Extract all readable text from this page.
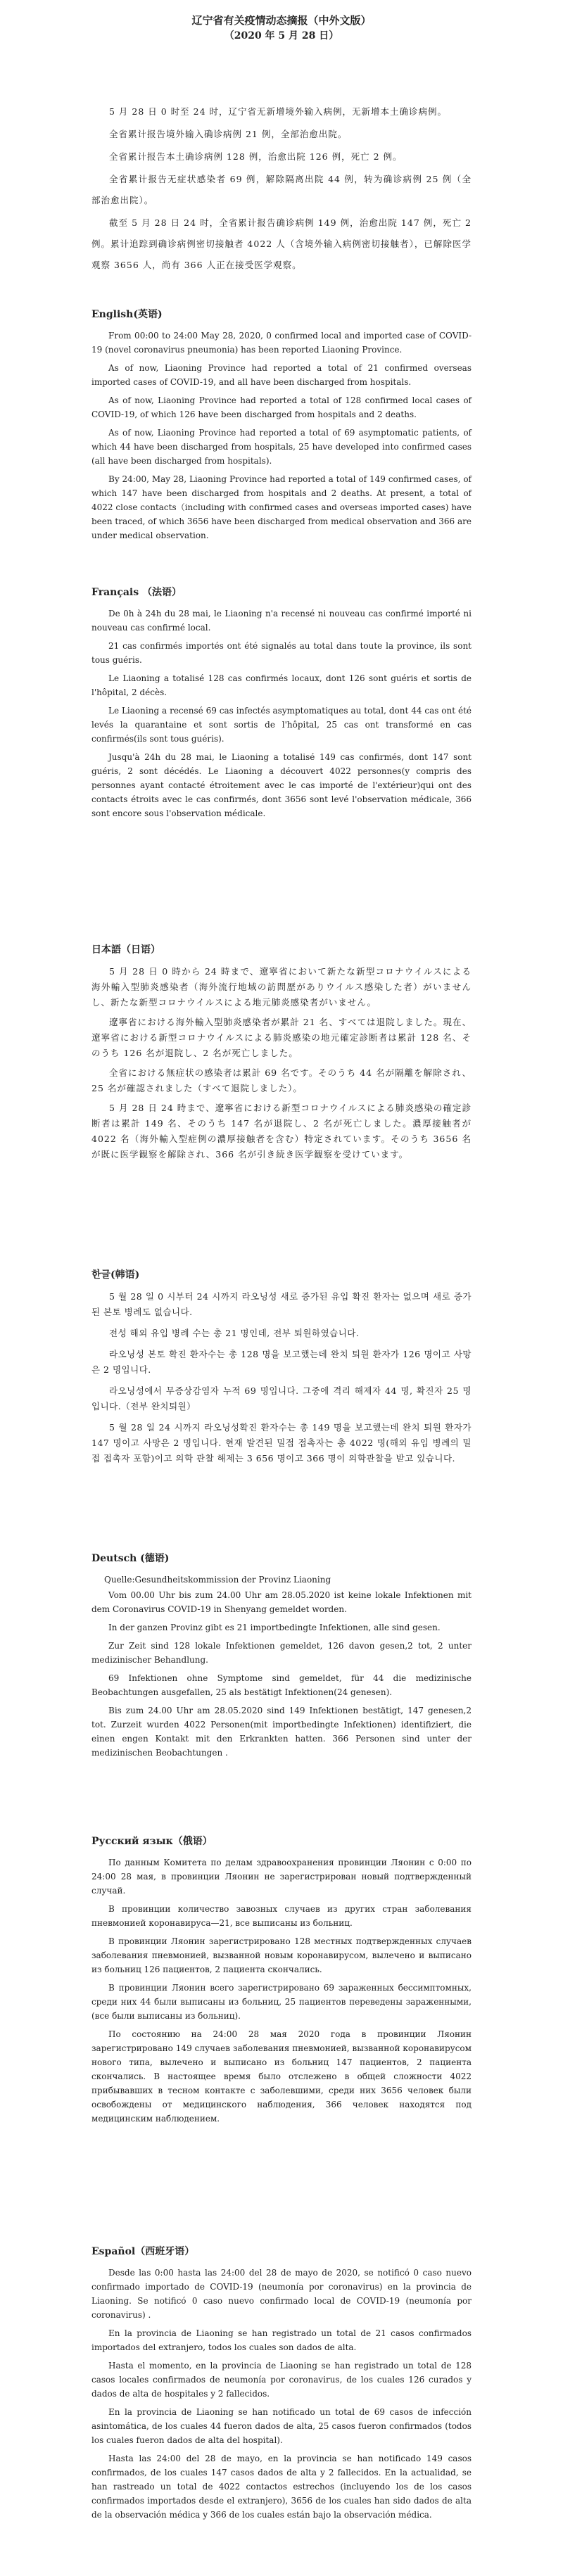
辽宁省有关疫情动态摘报（中外文版）

（2020 年 5 月 28 日）

5 月 28 日 0 时至 24 时，辽宁省无新增境外输入病例，无新增本土确诊病例。

全省累计报告境外输入确诊病例 21 例，全部治愈出院。

全省累计报告本土确诊病例 128 例，治愈出院 126 例，死亡 2 例。

全省累计报告无症状感染者 69 例，解除隔离出院 44 例，转为确诊病例 25 例（全部治愈出院）。

截至 5 月 28 日 24 时，全省累计报告确诊病例 149 例，治愈出院 147 例，死亡 2 例。累计追踪到确诊病例密切接触者 4022 人（含境外输入病例密切接触者），已解除医学观察 3656 人，尚有 366 人正在接受医学观察。

English(英语)

From 00:00 to 24:00 May 28, 2020, 0 confirmed local and imported case of COVID-19 (novel coronavirus pneumonia) has been reported Liaoning Province.

As of now, Liaoning Province had reported a total of 21 confirmed overseas imported cases of COVID-19, and all have been discharged from hospitals.

As of now, Liaoning Province had reported a total of 128 confirmed local cases of COVID-19, of which 126 have been discharged from hospitals and 2 deaths.

As of now, Liaoning Province had reported a total of 69 asymptomatic patients, of which 44 have been discharged from hospitals, 25 have developed into confirmed cases (all have been discharged from hospitals).

By 24:00, May 28, Liaoning Province had reported a total of 149 confirmed cases, of which 147 have been discharged from hospitals and 2 deaths. At present, a total of 4022 close contacts（including with confirmed cases and overseas imported cases) have been traced, of which 3656 have been discharged from medical observation and 366 are under medical observation.

Français （法语）

De 0h à 24h du 28 mai, le Liaoning n'a recensé ni nouveau cas confirmé importé ni nouveau cas confirmé local.

21 cas confirmés importés ont été signalés au total dans toute la province, ils sont tous guéris.

Le Liaoning a totalisé 128 cas confirmés locaux, dont 126 sont guéris et sortis de l'hôpital, 2 décès.

Le Liaoning a recensé 69 cas infectés asymptomatiques au total, dont 44 cas ont été levés la quarantaine et sont sortis de l'hôpital, 25 cas ont transformé en cas confirmés(ils sont tous guéris).

Jusqu'à 24h du 28 mai, le Liaoning a totalisé 149 cas confirmés, dont 147 sont guéris, 2 sont décédés. Le Liaoning a découvert 4022 personnes(y compris des personnes ayant contacté étroitement avec le cas importé de l'extérieur)qui ont des contacts étroits avec le cas confirmés, dont 3656 sont levé l'observation médicale, 366 sont encore sous l'observation médicale.

日本語（日语）

5 月 28 日 0 時から 24 時まで、遼寧省において新たな新型コロナウイルスによる海外輸入型肺炎感染者（海外流行地域の訪問歴がありウイルス感染した者）がいませんし、新たな新型コロナウイルスによる地元肺炎感染者がいません。

遼寧省における海外輸入型肺炎感染者が累計 21 名、すべては退院しました。現在、遼寧省における新型コロナウイルスによる肺炎感染の地元確定診断者は累計 128 名、そのうち 126 名が退院し、2 名が死亡しました。

全省における無症状の感染者は累計 69 名です。そのうち 44 名が隔離を解除され、25 名が確認されました（すべて退院しました）。

5 月 28 日 24 時まで、遼寧省における新型コロナウイルスによる肺炎感染の確定診断者は累計 149 名、そのうち 147 名が退院し、2 名が死亡しました。濃厚接触者が 4022 名（海外輸入型症例の濃厚接触者を含む）特定されています。そのうち 3656 名が既に医学観察を解除され、366 名が引き続き医学観察を受けています。

한글(韩语)

5 월 28 일 0 시부터 24 시까지 라오닝성 새로 증가된 유입 확진 환자는 없으며 새로 증가된 본토 병례도 없습니다.

전성 해외 유입 병례 수는 총 21 명인데, 전부 퇴원하였습니다.

라오닝성 본토 확진 환자수는 총 128 명을 보고했는데 완치 퇴원 환자가 126 명이고 사망은 2 명입니다.

라오닝성에서 무증상감염자 누적 69 명입니다. 그중에 격리 해제자 44 명, 확진자 25 명입니다.（전부 완치퇴원）

5 월 28 일 24 시까지 라오닝성확진 환자수는 총 149 명을 보고했는데 완치 퇴원 환자가 147 명이고 사망은 2 명입니다. 현재 발견된 밀접 접촉자는 총 4022 명(해외 유입 병례의 밀접 접촉자 포함)이고 의학 관찰 해제는 3 656 명이고 366 명이 의학관찰을 받고 있습니다.

Deutsch (德语)

Quelle:Gesundheitskommission der Provinz Liaoning

Vom 00.00 Uhr bis zum 24.00 Uhr am 28.05.2020 ist keine lokale Infektionen mit dem Coronavirus COVID-19 in Shenyang gemeldet worden.

In der ganzen Provinz gibt es 21 importbedingte Infektionen, alle sind gesen.

Zur Zeit sind 128 lokale Infektionen gemeldet, 126 davon gesen,2 tot, 2 unter medizinischer Behandlung.

69 Infektionen ohne Symptome sind gemeldet, für 44 die medizinische Beobachtungen ausgefallen, 25 als bestätigt Infektionen(24 genesen).

Bis zum 24.00 Uhr am 28.05.2020 sind 149 Infektionen bestätigt, 147 genesen,2 tot. Zurzeit wurden 4022 Personen(mit importbedingte Infektionen) identifiziert, die einen engen Kontakt mit den Erkrankten hatten. 366 Personen sind unter der medizinischen Beobachtungen .

Русский язык（俄语）

По данным Комитета по делам здравоохранения провинции Ляонин с 0:00 по 24:00 28 мая, в провинции Ляонин не зарегистрирован новый подтвержденный случай.

В провинции количество завозных случаев из других стран заболевания пневмонией коронавируса—21, все выписаны из больниц.

В провинции Ляонин зарегистрировано 128 местных подтвержденных случаев заболевания пневмонией, вызванной новым коронавирусом, вылечено и выписано из больниц 126 пациентов, 2 пациента скончались.

В провинции Ляонин всего зарегистрировано 69 зараженных бессимптомных, среди них 44 были выписаны из больниц, 25 пациентов переведены зараженными, (все были выписаны из больниц).

По состоянию на 24:00 28 мая 2020 года в провинции Ляонин зарегистрировано 149 случаев заболевания пневмонией, вызванной коронавирусом нового типа, вылечено и выписано из больниц 147 пациентов, 2 пациента скончались. В настоящее время было отслежено в общей сложности 4022 прибывавших в тесном контакте с заболевшими, среди них 3656 человек были освобождены от медицинского наблюдения, 366 человек находятся под медицинским наблюдением.

Español（西班牙语）

Desde las 0:00 hasta las 24:00 del 28 de mayo de 2020, se notificó 0 caso nuevo confirmado importado de COVID-19 (neumonía por coronavirus) en la provincia de Liaoning. Se notificó 0 caso nuevo confirmado local de COVID-19 (neumonía por coronavirus) .

En la provincia de Liaoning se han registrado un total de 21 casos confirmados importados del extranjero, todos los cuales son dados de alta.

Hasta el momento, en la provincia de Liaoning se han registrado un total de 128 casos locales confirmados de neumonía por coronavirus, de los cuales 126 curados y dados de alta de hospitales y 2 fallecidos.

En la provincia de Liaoning se han notificado un total de 69 casos de infección asintomática, de los cuales 44 fueron dados de alta, 25 casos fueron confirmados (todos los cuales fueron dados de alta del hospital).

Hasta las 24:00 del 28 de mayo, en la provincia se han notificado 149 casos confirmados, de los cuales 147 casos dados de alta y 2 fallecidos. En la actualidad, se han rastreado un total de 4022 contactos estrechos (incluyendo los de los casos confirmados importados desde el extranjero), 3656 de los cuales han sido dados de alta de la observación médica y 366 de los cuales están bajo la observación médica.
